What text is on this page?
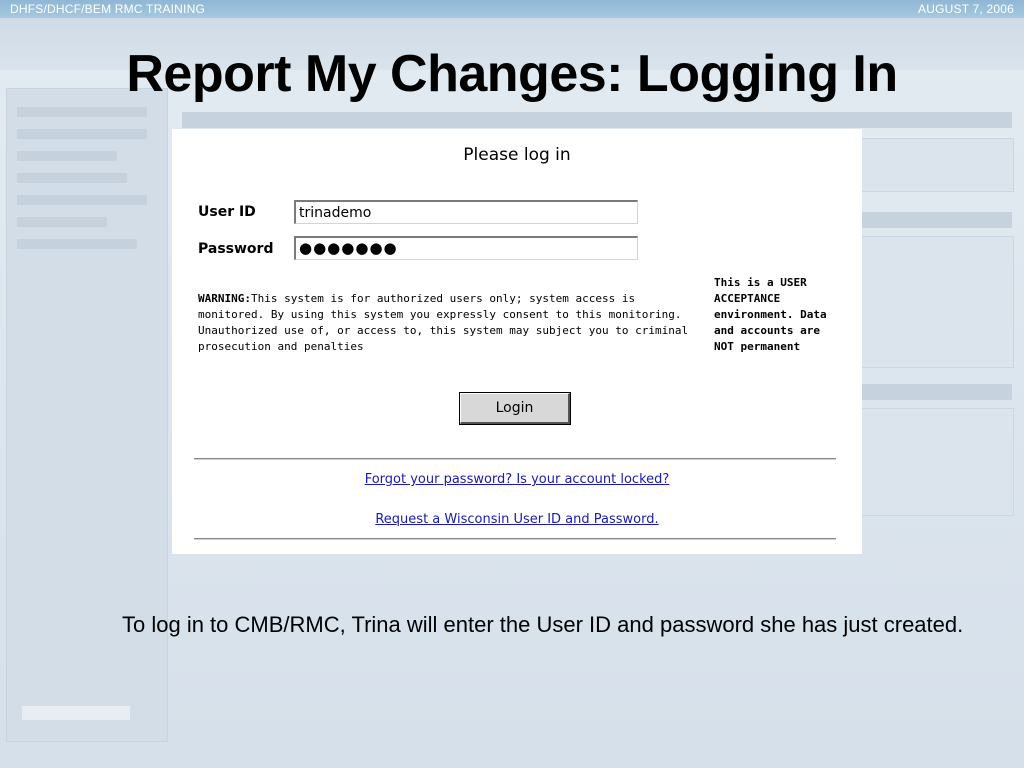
DHFS/DHCF/BEM RMC TRAINING	AUGUST 7, 2006
Report My Changes: Logging In
Please log in
User ID
trinademo
Password	●●●●●●●
WARNING:This system is for authorized users only; system access is monitored. By using this system you expressly consent to this monitoring. Unauthorized use of, or access to, this system may subject you to criminal prosecution and penalties
This is a USER ACCEPTANCE environment. Data and accounts are NOT permanent
Login
Forgot your password? Is your account locked?
Request a Wisconsin User ID and Password.
To log in to CMB/RMC, Trina will enter the User ID and password she has just created.
